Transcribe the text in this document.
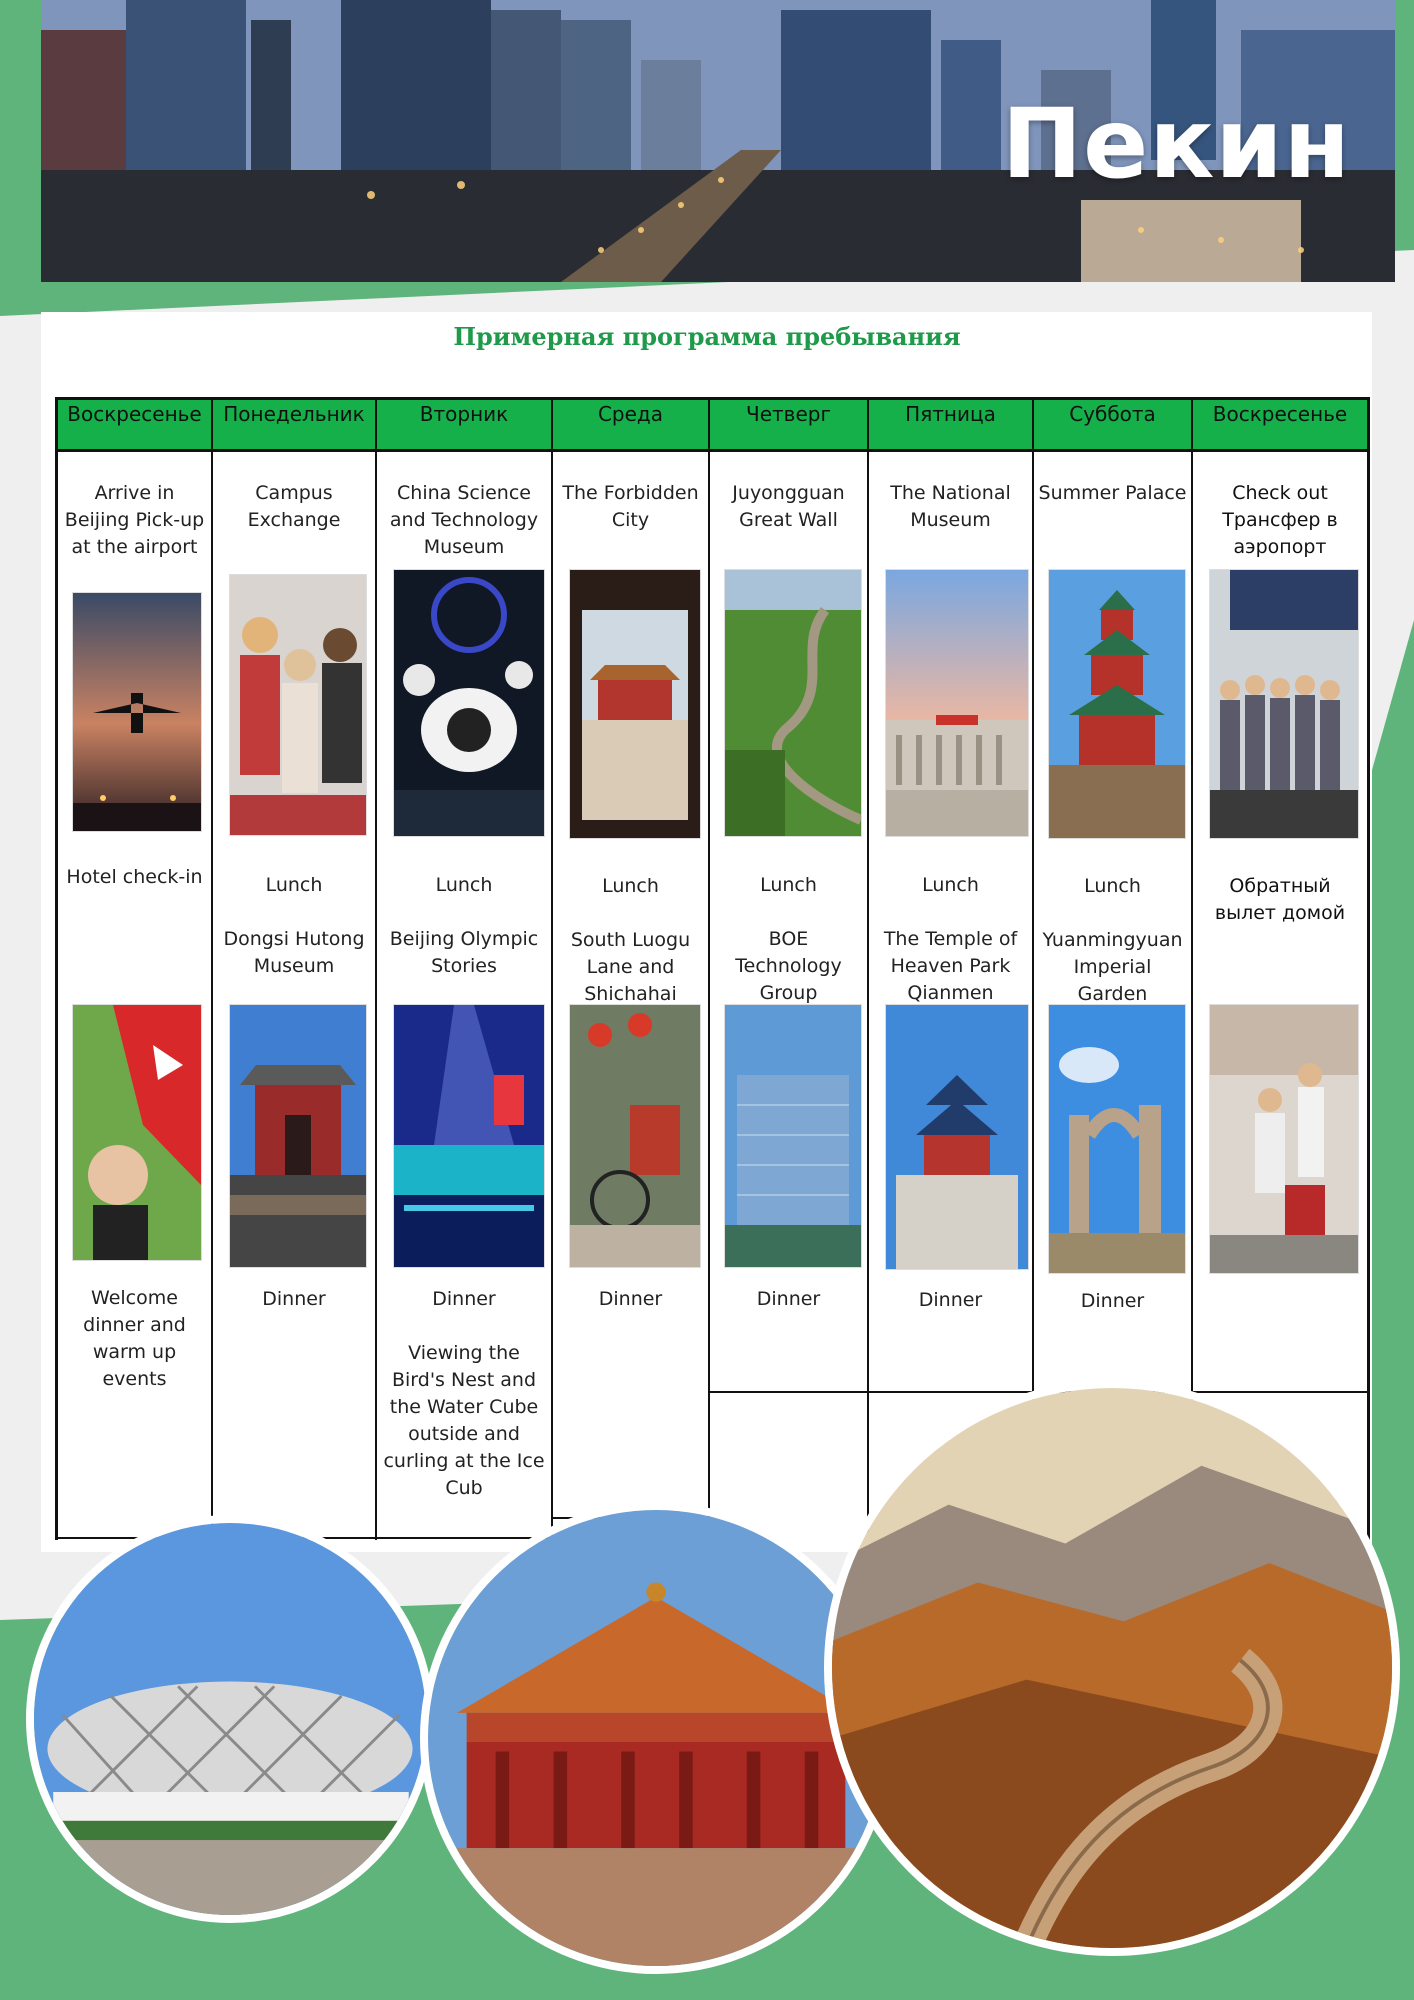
Пекин
Примерная программа пребывания
Воскресенье
Arrive in Beijing Pick-up at the airport
Hotel check-in
Welcome dinner and warm up events
Понедельник
Campus Exchange
Lunch
Dongsi Hutong Museum
Dinner
Вторник
China Science and Technology Museum
Lunch
Beijing Olympic Stories
Dinner
Viewing the Bird's Nest and the Water Cube outside and curling at the Ice Cub
Среда
The Forbidden City
Lunch
South Luogu Lane and Shichahai
Dinner
Четверг
Juyongguan Great Wall
Lunch
BOE Technology Group
Dinner
Пятница
The National Museum
Lunch
The Temple of Heaven Park Qianmen
Dinner
Суббота
Summer Palace
Lunch
Yuanmingyuan Imperial Garden
Dinner
Воскресенье
Check out Трансфер в аэропорт
Обратный вылет домой
